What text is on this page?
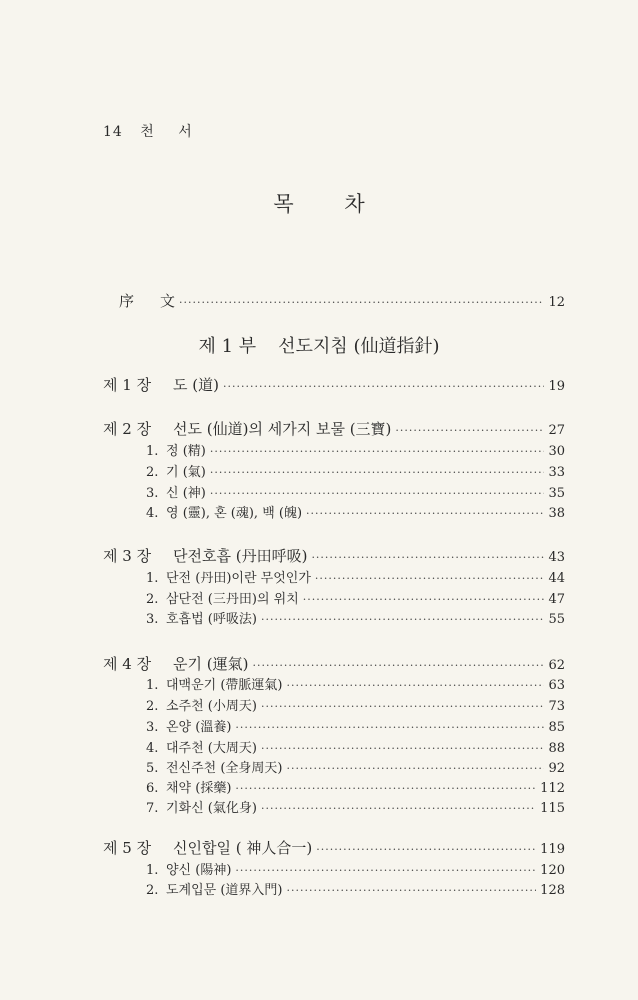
14 천 서
목 차
序 文 ·····	12
제 1 부 선도지침 (仙道指針)
제 1 장	도 (道) ·····	19
제 2 장	선도 (仙道)의 세가지 보물 (三寶) ·····	27
1. 정 (精) ·····	30
2. 기 (氣) ·····	33
3. 신 (神) ·····	35
4. 영 (靈), 혼 (魂), 백 (魄) ·····	38
제 3 장	단전호흡 (丹田呼吸) ·····	43
1. 단전 (丹田)이란 무엇인가 ·····	44
2. 삼단전 (三丹田)의 위치 ·····	47
3. 호흡법 (呼吸法) ·····	55
제 4 장	운기 (運氣) ·····	62
1. 대맥운기 (帶脈運氣) ·····	63
2. 소주천 (小周天) ·····	73
3. 온양 (溫養) ·····	85
4. 대주천 (大周天) ·····	88
5. 전신주천 (全身周天) ·····	92
6. 채약 (採藥) ·····	112
7. 기화신 (氣化身) ·····	115
제 5 장	신인합일 ( 神人合一) ·····	119
1. 양신 (陽神) ·····	120
2. 도계입문 (道界入門) ·····	128
